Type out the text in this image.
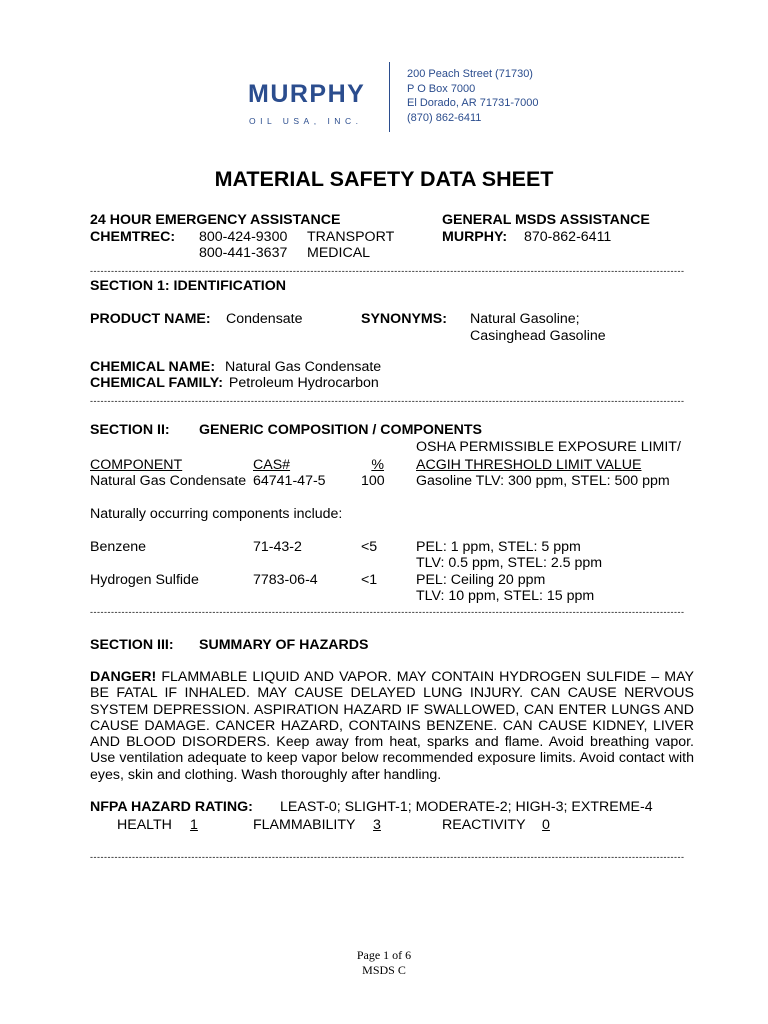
MURPHY
OIL USA, INC.
200 Peach Street (71730)
P O Box 7000
El Dorado, AR 71731-7000
(870) 862-6411
MATERIAL SAFETY DATA SHEET
24 HOUR EMERGENCY ASSISTANCE
CHEMTREC: 800-424-9300 TRANSPORT
800-441-3637 MEDICAL
GENERAL MSDS ASSISTANCE
MURPHY: 870-862-6411
--------------------------------------------------------------------------------------------------------------------------------------------------------------------------
SECTION 1: IDENTIFICATION
PRODUCT NAME: Condensate	SYNONYMS: Natural Gasoline;
Casinghead Gasoline
CHEMICAL NAME: Natural Gas Condensate
CHEMICAL FAMILY: Petroleum Hydrocarbon
--------------------------------------------------------------------------------------------------------------------------------------------------------------------------
SECTION II: GENERIC COMPOSITION / COMPONENTS
OSHA PERMISSIBLE EXPOSURE LIMIT/
COMPONENT	CAS#	% ACGIH THRESHOLD LIMIT VALUE
Natural Gas Condensate 64741-47-5 100 Gasoline TLV: 300 ppm, STEL: 500 ppm
Naturally occurring components include:
Benzene	71-43-2	<5	PEL: 1 ppm, STEL: 5 ppm
TLV: 0.5 ppm, STEL: 2.5 ppm
Hydrogen Sulfide	7783-06-4	<1	PEL: Ceiling 20 ppm
TLV: 10 ppm, STEL: 15 ppm
--------------------------------------------------------------------------------------------------------------------------------------------------------------------------
SECTION III: SUMMARY OF HAZARDS
DANGER! FLAMMABLE LIQUID AND VAPOR. MAY CONTAIN HYDROGEN SULFIDE – MAY BE FATAL IF INHALED. MAY CAUSE DELAYED LUNG INJURY. CAN CAUSE NERVOUS SYSTEM DEPRESSION. ASPIRATION HAZARD IF SWALLOWED, CAN ENTER LUNGS AND CAUSE DAMAGE. CANCER HAZARD, CONTAINS BENZENE. CAN CAUSE KIDNEY, LIVER AND BLOOD DISORDERS. Keep away from heat, sparks and flame. Avoid breathing vapor. Use ventilation adequate to keep vapor below recommended exposure limits. Avoid contact with eyes, skin and clothing. Wash thoroughly after handling.
NFPA HAZARD RATING: LEAST-0; SLIGHT-1; MODERATE-2; HIGH-3; EXTREME-4
HEALTH	1	FLAMMABILITY	3	REACTIVITY	0
--------------------------------------------------------------------------------------------------------------------------------------------------------------------------
Page 1 of 6
MSDS C
